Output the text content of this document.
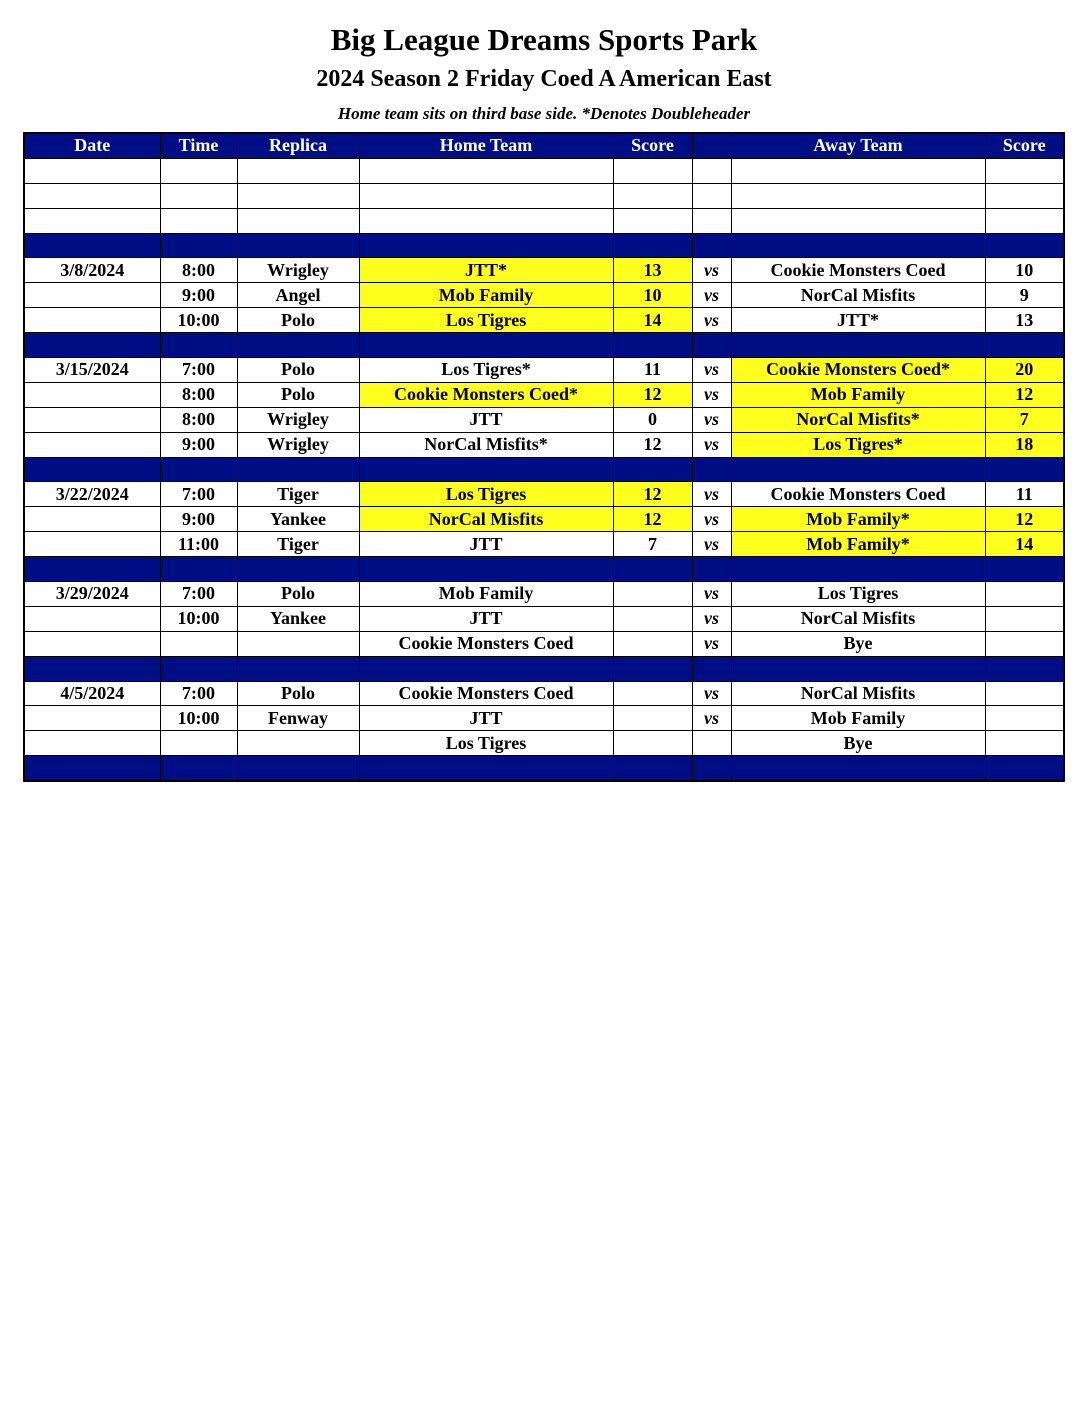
Big League Dreams Sports Park
2024 Season 2 Friday Coed A American East
Home team sits on third base side. *Denotes Doubleheader
Date	Time	Replica	Home Team	Score		Away Team	Score

3/8/2024	8:00	Wrigley	JTT*	13	vs	Cookie Monsters Coed	10
	9:00	Angel	Mob Family	10	vs	NorCal Misfits	9
	10:00	Polo	Los Tigres	14	vs	JTT*	13

3/15/2024	7:00	Polo	Los Tigres*	11	vs	Cookie Monsters Coed*	20
	8:00	Polo	Cookie Monsters Coed*	12	vs	Mob Family	12
	8:00	Wrigley	JTT	0	vs	NorCal Misfits*	7
	9:00	Wrigley	NorCal Misfits*	12	vs	Los Tigres*	18

3/22/2024	7:00	Tiger	Los Tigres	12	vs	Cookie Monsters Coed	11
	9:00	Yankee	NorCal Misfits	12	vs	Mob Family*	12
	11:00	Tiger	JTT	7	vs	Mob Family*	14

3/29/2024	7:00	Polo	Mob Family		vs	Los Tigres	
	10:00	Yankee	JTT		vs	NorCal Misfits	
			Cookie Monsters Coed		vs	Bye	

4/5/2024	7:00	Polo	Cookie Monsters Coed		vs	NorCal Misfits	
	10:00	Fenway	JTT		vs	Mob Family	
			Los Tigres			Bye	
